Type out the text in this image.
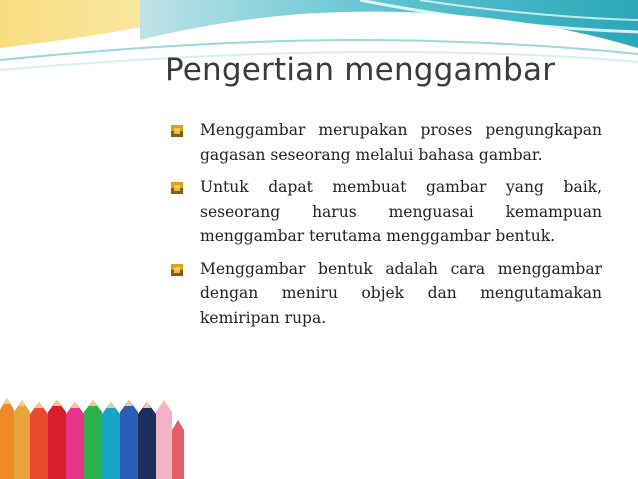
Pengertian menggambar
Menggambar merupakan proses pengungkapan gagasan seseorang melalui bahasa gambar.
Untuk dapat membuat gambar yang baik, seseorang harus menguasai kemampuan menggambar terutama menggambar bentuk.
Menggambar bentuk adalah cara menggambar dengan meniru objek dan mengutamakan kemiripan rupa.
